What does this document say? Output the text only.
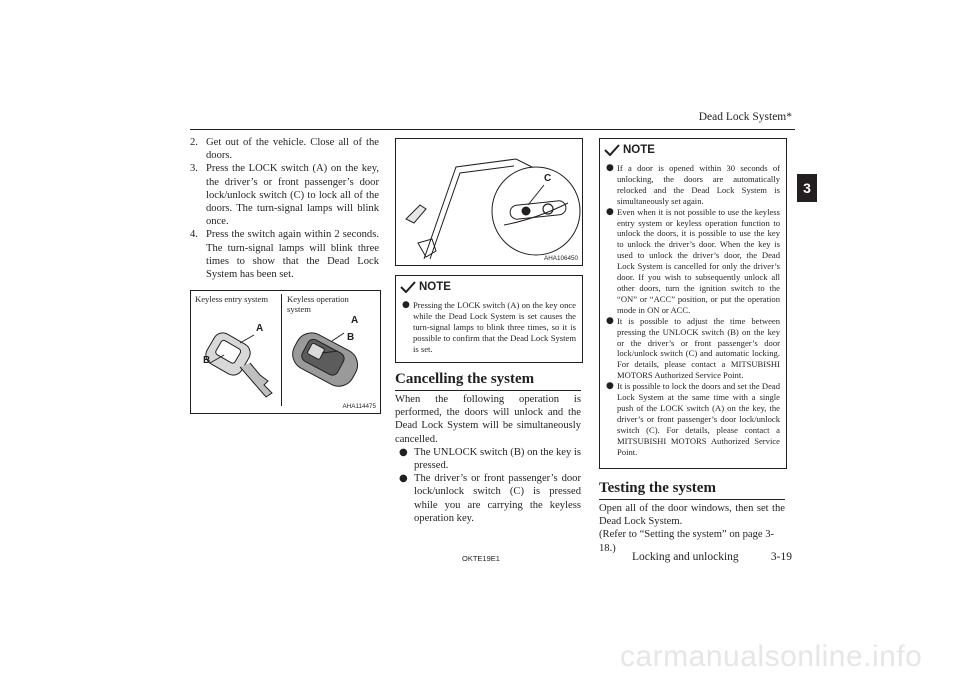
Dead Lock System*
3

2. Get out of the vehicle. Close all of the doors.

3. Press the LOCK switch (A) on the key, the driver’s or front passenger’s door lock/unlock switch (C) to lock all of the doors. The turn-signal lamps will blink once.

4. Press the switch again within 2 seconds. The turn-signal lamps will blink three times to show that the Dead Lock System has been set.

Keyless entry system Keyless operation system
A
B
A
B
AHA114475
C
AHA106450
NOTE

● Pressing the LOCK switch (A) on the key once while the Dead Lock System is set causes the turn-signal lamps to blink three times, so it is possible to confirm that the Dead Lock System is set.

Cancelling the system

When the following operation is performed, the doors will unlock and the Dead Lock System will be simultaneously cancelled.

● The UNLOCK switch (B) on the key is pressed.

● The driver’s or front passenger’s door lock/unlock switch (C) is pressed while you are carrying the keyless operation key.

NOTE

● If a door is opened within 30 seconds of unlocking, the doors are automatically relocked and the Dead Lock System is simultaneously set again.

● Even when it is not possible to use the keyless entry system or keyless operation function to unlock the doors, it is possible to use the key to unlock the driver’s door. When the key is used to unlock the driver’s door, the Dead Lock System is cancelled for only the driver’s door. If you wish to subsequently unlock all other doors, turn the ignition switch to the “ON” or “ACC” position, or put the operation mode in ON or ACC.

● It is possible to adjust the time between pressing the UNLOCK switch (B) on the key or the driver’s or front passenger’s door lock/unlock switch (C) and automatic locking. For details, please contact a MITSUBISHI MOTORS Authorized Service Point.

● It is possible to lock the doors and set the Dead Lock System at the same time with a single push of the LOCK switch (A) on the key, the driver’s or front passenger’s door lock/unlock switch (C). For details, please contact a MITSUBISHI MOTORS Authorized Service Point.

Testing the system

Open all of the door windows, then set the Dead Lock System.

(Refer to “Setting the system” on page 3-18.)

OKTE19E1	Locking and unlocking	3-19
carmanualsonline.info
